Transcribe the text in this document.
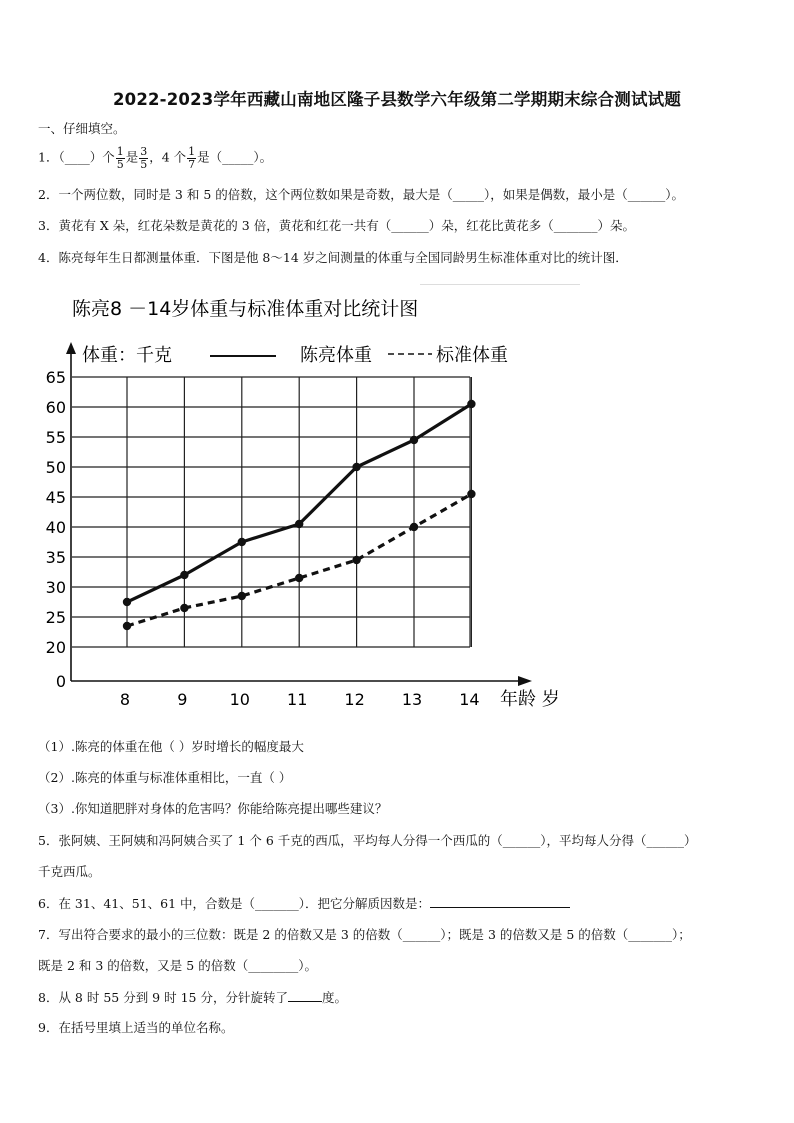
2022-2023学年西藏山南地区隆子县数学六年级第二学期期末综合测试试题
一、仔细填空。
1．（____）个 $\frac{1}{5}$ 是 $\frac{3}{5}$ ，4 个 $\frac{1}{7}$ 是（_____）。
2．一个两位数，同时是 3 和 5 的倍数，这个两位数如果是奇数，最大是（_____），如果是偶数，最小是（______）。
3．黄花有 X 朵，红花朵数是黄花的 3 倍，黄花和红花一共有（______）朵，红花比黄花多（_______）朵。
4．陈亮每年生日都测量体重．下图是他 8～14 岁之间测量的体重与全国同龄男生标准体重对比的统计图．
陈亮8 －14岁体重与标准体重对比统计图
体重：千克	陈亮体重	标准体重
0
20
25
30
35
40
45
50
55
60
65
8	9	10 11 12 13 14 年龄 岁
（1）.陈亮的体重在他（ ）岁时增长的幅度最大
（2）.陈亮的体重与标准体重相比，一直（ ）
（3）.你知道肥胖对身体的危害吗？你能给陈亮提出哪些建议？
5．张阿姨、王阿姨和冯阿姨合买了 1 个 6 千克的西瓜，平均每人分得一个西瓜的（______），平均每人分得（______）
千克西瓜。
6．在 31、41、51、61 中，合数是（_______）．把它分解质因数是：
7．写出符合要求的最小的三位数：既是 2 的倍数又是 3 的倍数（______）；既是 3 的倍数又是 5 的倍数（_______）；
既是 2 和 3 的倍数，又是 5 的倍数（________）。
8．从 8 时 55 分到 9 时 15 分，分针旋转了	度。
9．在括号里填上适当的单位名称。
